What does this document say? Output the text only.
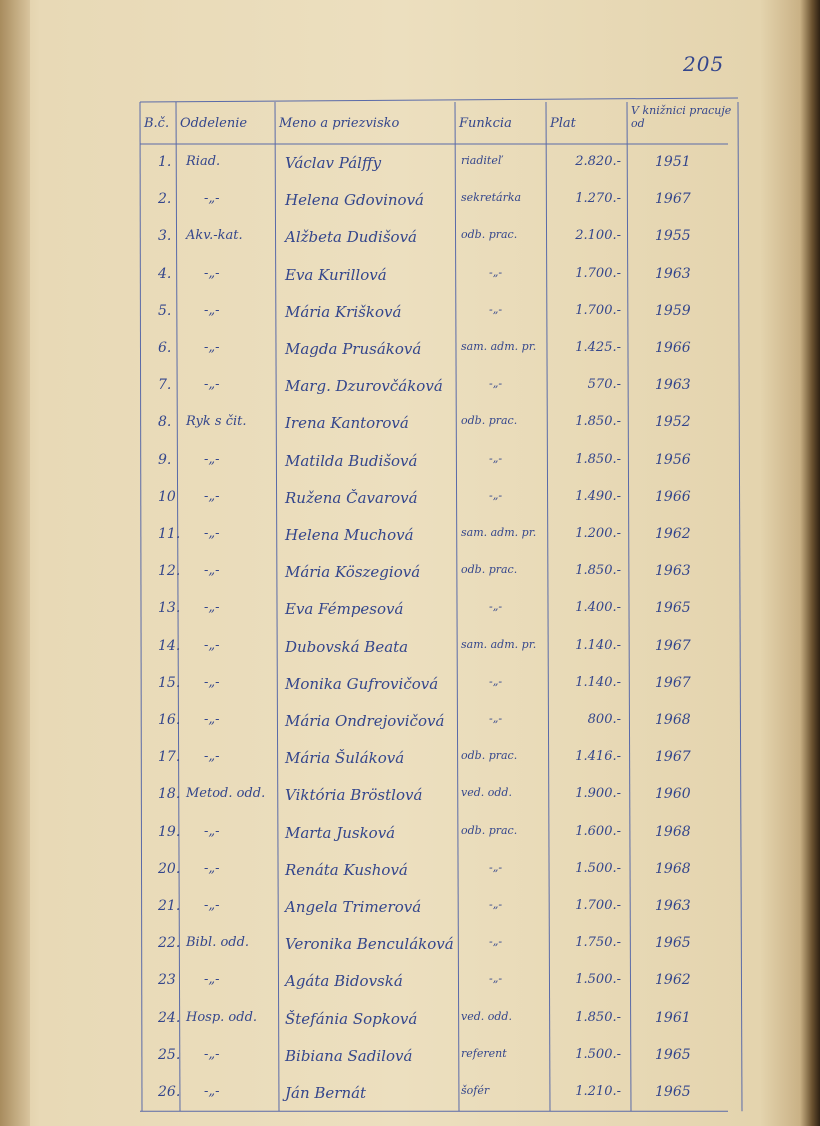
205
B.č. Oddelenie Meno a priezvisko	Funkcia	Plat
V knižnici pracuje od
1. Riad.	Václav Pálffy	riaditeľ	2.820.- 1951
2.	-„-	Helena Gdovinová	sekretárka	1.270.- 1967
3. Akv.-kat.	Alžbeta Dudišová	odb. prac.	2.100.- 1955
4.	-„-	Eva Kurillová	-„-	1.700.- 1963
5.	-„-	Mária Krišková	-„-	1.700.- 1959
6.	-„-	Magda Prusáková	sam. adm. pr.	1.425.- 1966
7.	-„-	Marg. Dzurovčáková	-„-	570.- 1963
8. Ryk s čit.	Irena Kantorová	odb. prac.	1.850.- 1952
9.	-„-	Matilda Budišová	-„-	1.850.- 1956
10 -„-	Ružena Čavarová	-„-	1.490.- 1966
11. -„-	Helena Muchová	sam. adm. pr.	1.200.- 1962
12. -„-	Mária Köszegiová	odb. prac.	1.850.- 1963
13. -„-	Eva Fémpesová	-„-	1.400.- 1965
14. -„-	Dubovská Beata	sam. adm. pr.	1.140.- 1967
15. -„-	Monika Gufrovičová	-„-	1.140.- 1967
16. -„-	Mária Ondrejovičová	-„-	800.- 1968
17. -„-	Mária Šuláková	odb. prac.	1.416.- 1967
18. Metod. odd. Viktória Bröstlová	ved. odd.	1.900.- 1960
19. -„-	Marta Jusková	odb. prac.	1.600.- 1968
20. -„-	Renáta Kushová	-„-	1.500.- 1968
21. -„-	Angela Trimerová	-„-	1.700.- 1963
22. Bibl. odd. Veronika Benculáková	-„-	1.750.- 1965
23 -„-	Agáta Bidovská	-„-	1.500.- 1962
24. Hosp. odd. Štefánia Sopková	ved. odd.	1.850.- 1961
25. -„-	Bibiana Sadilová	referent	1.500.- 1965
26. -„-	Ján Bernát	šofér	1.210.- 1965
